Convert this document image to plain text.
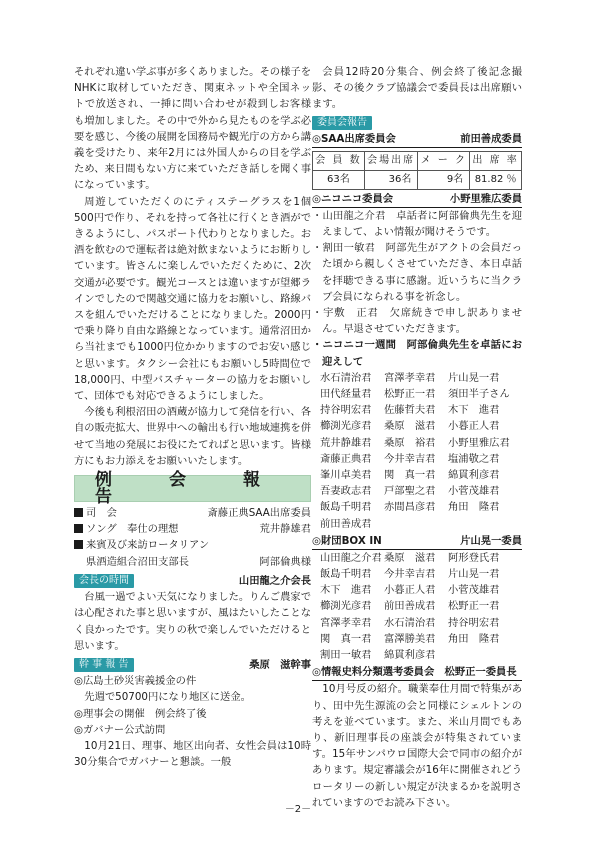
それぞれ違い学ぶ事が多くありました。その様子をNHKに取材していただき、関東ネットや全国ネットで放送され、一挿に問い合わせが殺到しお客様も増加しました。その中で外から見たものを学ぶ必要を感じ、今後の展開を国務局や観光庁の方から講義を受けたり、来年2月には外国人からの目を学ぶため、来日間もない方に来ていただき話しを聞く事になっています。

周遊していただくのにティステーグラスを1個500円で作り、それを持って各社に行くとき酒ができるようにし、パスポート代わりとなりました。お酒を飲むので運転者は絶対飲まないようにお断りしています。皆さんに楽しんでいただくために、2次交通が必要です。観光コースとは違いますが望郷ラインでしたので関越交通に協力をお願いし、路線バスを組んでいただけることになりました。2000円で乗り降り自由な路線となっています。通常沼田から当社までも1000円位かかりますのでお安い感じと思います。タクシー会社にもお願いし5時間位で18,000円、中型バスチャーターの協力をお願いして、団体でも対応できるようにしました。

今後も利根沼田の酒蔵が協力して発信を行い、各自の販売拡大、世界中への輸出も行い地域連携を併せて当地の発展にお役にたてればと思います。皆様方にもお力添えをお願いいたします。

例　会　報　告
司　会	斎藤正典SAA出席委員
ソング　奉仕の理想	荒井静雄君
来賓及び来訪ロータリアン
県酒造組合沼田支部長	阿部倫典様
会長の時間	山田龍之介会長

台風一過でよい天気になりました。りんご農家では心配された事と思いますが、風はたいしたことなく良かったです。実りの秋で楽しんでいただけると思います。

幹 事 報 告	桑原　滋幹事
◎広島土砂災害義援金の件
先週で50700円になり地区に送金。
◎理事会の開催　例会終了後
◎ガバナー公式訪問

10月21日、理事、地区出向者、女性会員は10時30分集合でガバナーと懇談。一般

会員12時20分集合、例会終了後記念撮影、その後クラブ協議会で委員長は出席願います。

委員会報告
◎SAA出席委員会	前田善成委員
会 員 数	会場出席	メ ー ク	出 席 率
63名	36名	9名	81.82 ％
◎ニコニコ委員会	小野里雅広委員
・山田龍之介君　卓話者に阿部倫典先生を迎えまして、よい情報が聞けそうです。
・割田一敏君　阿部先生がアクトの会員だった頃から親しくさせていただき、本日卓話を拝聴できる事に感謝。近いうちに当クラブ会員になられる事を祈念し。
・宇敷　正君　欠席続きで申し訳ありません。早退させていただきます。
・ニコニコ一週間　阿部倫典先生を卓話にお迎えして
水石清治君	宮澤孝幸君	片山晃一君
田代経量君	松野正一君	須田半子さん
持谷明宏君	佐藤哲夫君	木下　進君
櫛渕光彦君	桑原　滋君	小暮正人君
荒井静雄君	桑原　裕君	小野里雅広君
斎藤正典君	今井幸吉君	塩浦敬之君
峯川卓美君	関　真一君	綿貫利彦君
吾妻政志君	戸部聖之君	小菅茂雄君
飯島千明君	赤間昌彦君	角田　隆君
前田善成君
◎財団BOX IN	片山晃一委員
山田龍之介君 桑原　滋君	阿形登氏君
飯島千明君	今井幸吉君	片山晃一君
木下　進君	小暮正人君	小菅茂雄君
櫛渕光彦君	前田善成君	松野正一君
宮澤孝幸君	水石清治君	持谷明宏君
関　真一君	富澤勝美君	角田　隆君
割田一敏君	綿貫利彦君
◎情報史料分類選考委員会　松野正一委員長

10月号反の紹介。職業奉仕月間で特集があり、田中先生源流の会と同様にシェルトンの考えを並べています。また、米山月間でもあり、新旧理事長の座談会が特集されています。15年サンパウロ国際大会で同市の紹介があります。規定審議会が16年に開催されどうロータリーの新しい規定が決まるかを説明されていますのでお読み下さい。

－2－
